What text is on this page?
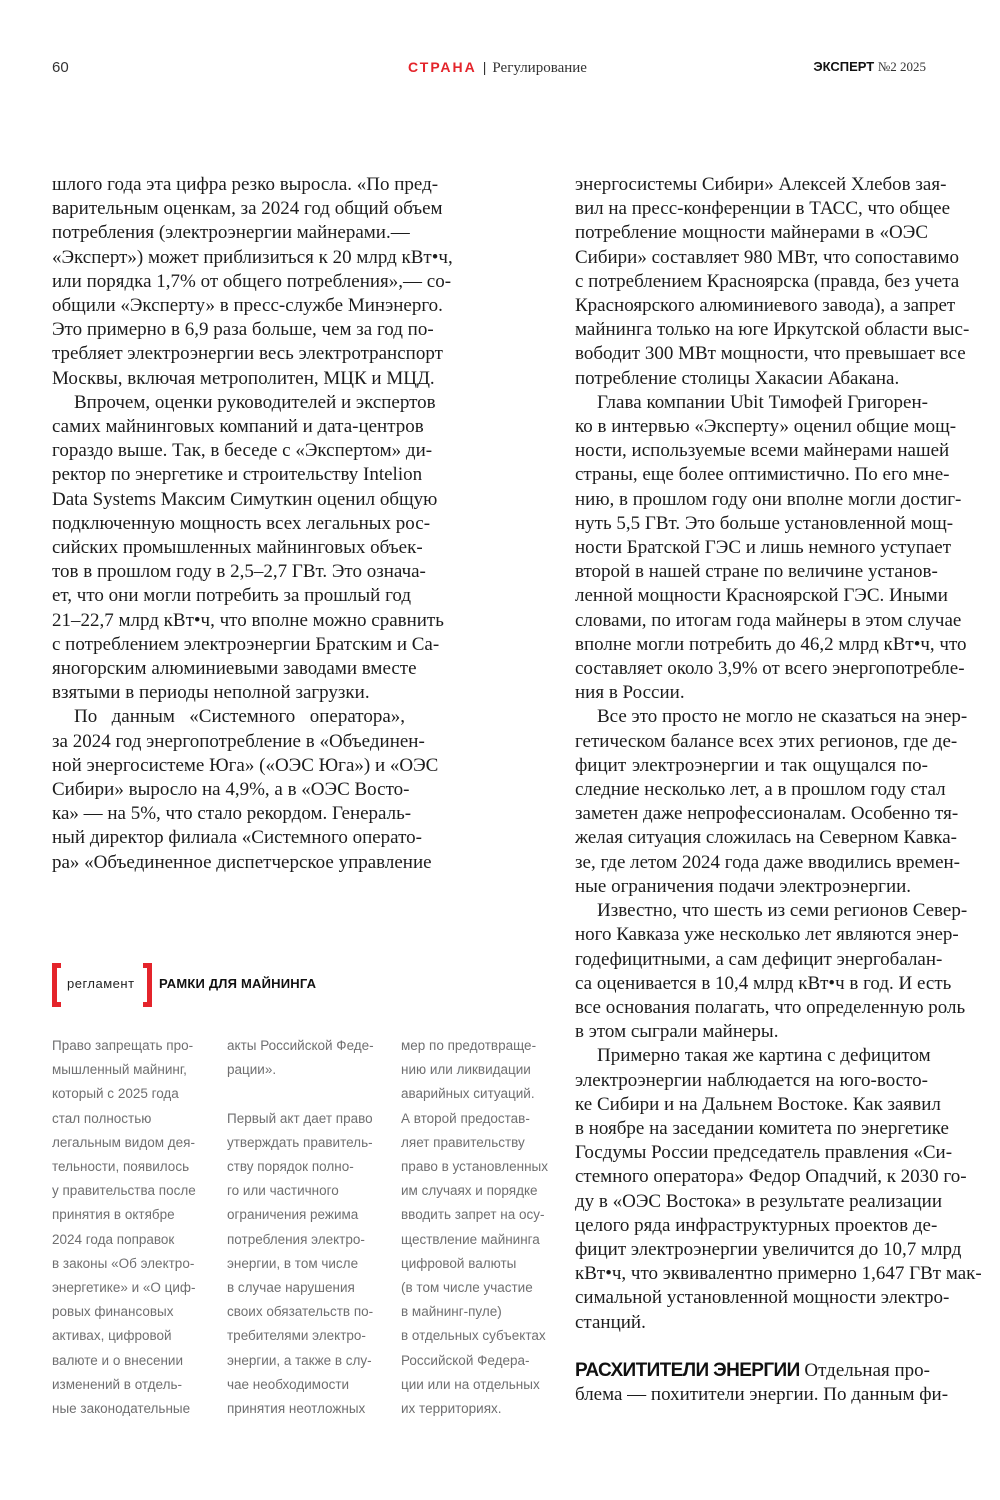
60	СТРАНА | Регулирование	ЭКСПЕРТ №2 2025
шлого года эта цифра резко выросла. «По пред-
варительным оценкам, за 2024 год общий объем
потребления (электроэнергии майнерами.—
«Эксперт») может приблизиться к 20 млрд кВт•ч,
или порядка 1,7% от общего потребления»,— со-
общили «Эксперту» в пресс-службе Минэнерго.
Это примерно в 6,9 раза больше, чем за год по-
требляет электроэнергии весь электротранспорт
Москвы, включая метрополитен, МЦК и МЦД.
Впрочем, оценки руководителей и экспертов
самих майнинговых компаний и дата-центров
гораздо выше. Так, в беседе с «Экспертом» ди-
ректор по энергетике и строительству Intelion
Data Systems Максим Симуткин оценил общую
подключенную мощность всех легальных рос-
сийских промышленных майнинговых объек-
тов в прошлом году в 2,5–2,7 ГВт. Это означа-
ет, что они могли потребить за прошлый год
21–22,7 млрд кВт•ч, что вполне можно сравнить
с потреблением электроэнергии Братским и Са-
яногорским алюминиевыми заводами вместе
взятыми в периоды неполной загрузки.
По данным «Системного оператора»,
за 2024 год энергопотребление в «Объединен-
ной энергосистеме Юга» («ОЭС Юга») и «ОЭС
Сибири» выросло на 4,9%, а в «ОЭС Восто-
ка» — на 5%, что стало рекордом. Генераль-
ный директор филиала «Системного операто-
ра» «Объединенное диспетчерское управление
регламент РАМКИ ДЛЯ МАЙНИНГА
Право запрещать про-
мышленный майнинг,
который с 2025 года
стал полностью
легальным видом дея-
тельности, появилось
у правительства после
принятия в октябре
2024 года поправок
в законы «Об электро-
энергетике» и «О циф-
ровых финансовых
активах, цифровой
валюте и о внесении
изменений в отдель-
ные законодательные
акты Российской Феде-
рации».
Первый акт дает право
утверждать правитель-
ству порядок полно-
го или частичного
ограничения режима
потребления электро-
энергии, в том числе
в случае нарушения
своих обязательств по-
требителями электро-
энергии, а также в слу-
чае необходимости
принятия неотложных
мер по предотвраще-
нию или ликвидации
аварийных ситуаций.
А второй предостав-
ляет правительству
право в установленных
им случаях и порядке
вводить запрет на осу-
ществление майнинга
цифровой валюты
(в том числе участие
в майнинг-пуле)
в отдельных субъектах
Российской Федера-
ции или на отдельных
их территориях.
энергосистемы Сибири» Алексей Хлебов зая-
вил на пресс-конференции в ТАСС, что общее
потребление мощности майнерами в «ОЭС
Сибири» составляет 980 МВт, что сопоставимо
с потреблением Красноярска (правда, без учета
Красноярского алюминиевого завода), а запрет
майнинга только на юге Иркутской области выс-
вободит 300 МВт мощности, что превышает все
потребление столицы Хакасии Абакана.
Глава компании Ubit Тимофей Григорен-
ко в интервью «Эксперту» оценил общие мощ-
ности, используемые всеми майнерами нашей
страны, еще более оптимистично. По его мне-
нию, в прошлом году они вполне могли достиг-
нуть 5,5 ГВт. Это больше установленной мощ-
ности Братской ГЭС и лишь немного уступает
второй в нашей стране по величине установ-
ленной мощности Красноярской ГЭС. Иными
словами, по итогам года майнеры в этом случае
вполне могли потребить до 46,2 млрд кВт•ч, что
составляет около 3,9% от всего энергопотребле-
ния в России.
Все это просто не могло не сказаться на энер-
гетическом балансе всех этих регионов, где де-
фицит электроэнергии и так ощущался по-
следние несколько лет, а в прошлом году стал
заметен даже непрофессионалам. Особенно тя-
желая ситуация сложилась на Северном Кавка-
зе, где летом 2024 года даже вводились времен-
ные ограничения подачи электроэнергии.
Известно, что шесть из семи регионов Север-
ного Кавказа уже несколько лет являются энер-
годефицитными, а сам дефицит энергобалан-
са оценивается в 10,4 млрд кВт•ч в год. И есть
все основания полагать, что определенную роль
в этом сыграли майнеры.
Примерно такая же картина с дефицитом
электроэнергии наблюдается на юго-восто-
ке Сибири и на Дальнем Востоке. Как заявил
в ноябре на заседании комитета по энергетике
Госдумы России председатель правления «Си-
стемного оператора» Федор Опадчий, к 2030 го-
ду в «ОЭС Востока» в результате реализации
целого ряда инфраструктурных проектов де-
фицит электроэнергии увеличится до 10,7 млрд
кВт•ч, что эквивалентно примерно 1,647 ГВт мак-
симальной установленной мощности электро-
станций.
РАСХИТИТЕЛИ ЭНЕРГИИ Отдельная про-
блема — похитители энергии. По данным фи-
